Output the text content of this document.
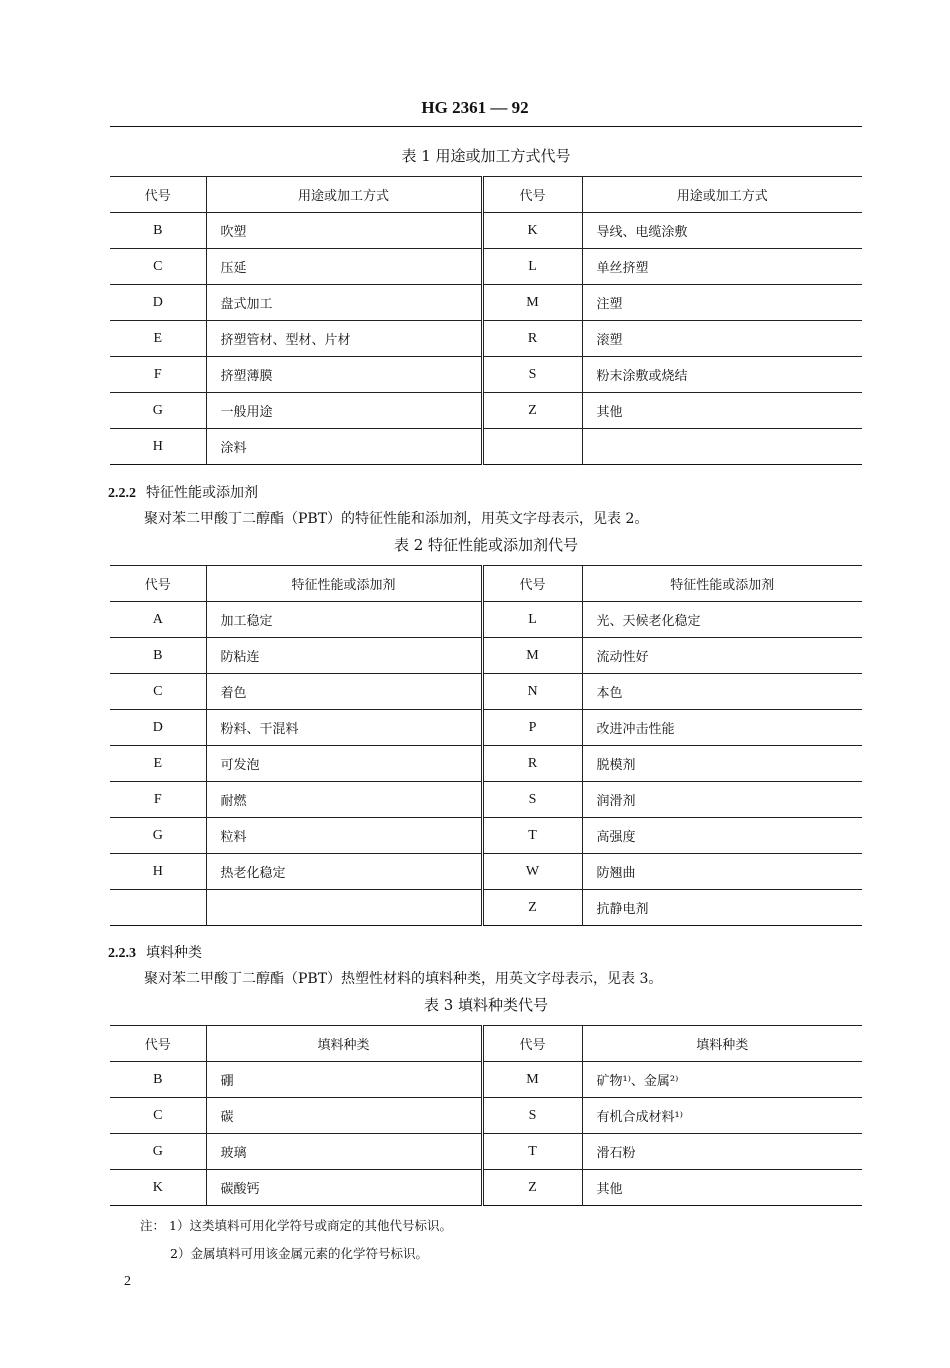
HG 2361 — 92
表 1 用途或加工方式代号
代号	用途或加工方式	代号	用途或加工方式
B	吹塑	K	导线、电缆涂敷
C	压延	L	单丝挤塑
D	盘式加工	M	注塑
E	挤塑管材、型材、片材	R	滚塑
F	挤塑薄膜	S	粉末涂敷或烧结
G	一般用途	Z	其他
H	涂料		
2.2.2 特征性能或添加剂
聚对苯二甲酸丁二醇酯（PBT）的特征性能和添加剂，用英文字母表示，见表 2。
表 2 特征性能或添加剂代号
代号	特征性能或添加剂	代号	特征性能或添加剂
A	加工稳定	L	光、天候老化稳定
B	防粘连	M	流动性好
C	着色	N	本色
D	粉料、干混料	P	改进冲击性能
E	可发泡	R	脱模剂
F	耐燃	S	润滑剂
G	粒料	T	高强度
H	热老化稳定	W	防翘曲
		Z	抗静电剂
2.2.3 填料种类
聚对苯二甲酸丁二醇酯（PBT）热塑性材料的填料种类，用英文字母表示，见表 3。
表 3 填料种类代号
代号	填料种类	代号	填料种类
B	硼	M	矿物¹⁾、金属²⁾
C	碳	S	有机合成材料¹⁾
G	玻璃	T	滑石粉
K	碳酸钙	Z	其他
注： 1）这类填料可用化学符号或商定的其他代号标识。
2）金属填料可用该金属元素的化学符号标识。
2
